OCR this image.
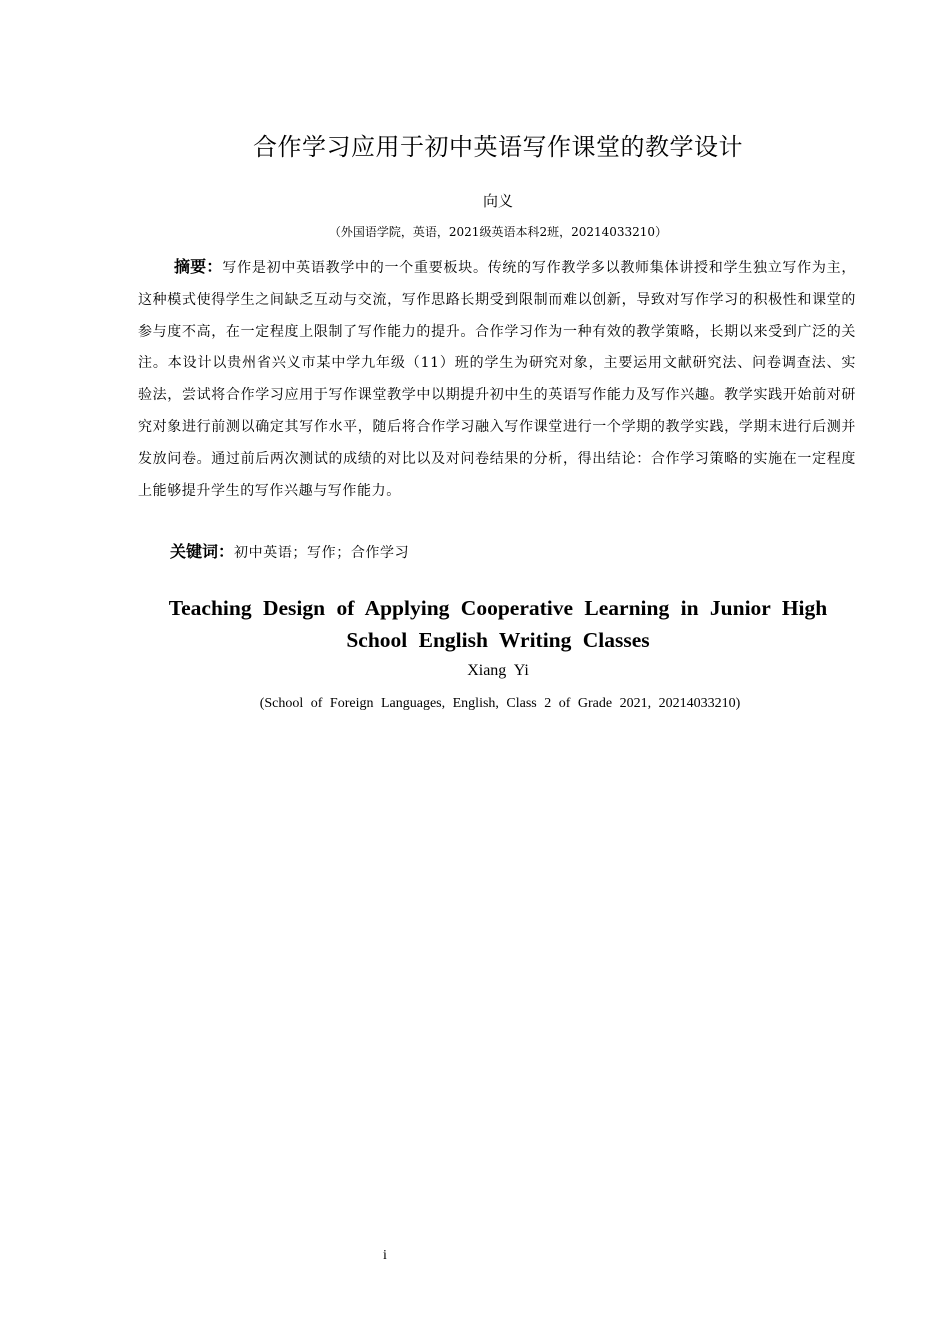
合作学习应用于初中英语写作课堂的教学设计
向义
（外国语学院，英语，2021级英语本科2班，20214033210）

摘要：写作是初中英语教学中的一个重要板块。传统的写作教学多以教师集体讲授和学生独立写作为主，这种模式使得学生之间缺乏互动与交流，写作思路长期受到限制而难以创新，导致对写作学习的积极性和课堂的参与度不高，在一定程度上限制了写作能力的提升。合作学习作为一种有效的教学策略，长期以来受到广泛的关注。本设计以贵州省兴义市某中学九年级（11）班的学生为研究对象，主要运用文献研究法、问卷调查法、实验法，尝试将合作学习应用于写作课堂教学中以期提升初中生的英语写作能力及写作兴趣。教学实践开始前对研究对象进行前测以确定其写作水平，随后将合作学习融入写作课堂进行一个学期的教学实践，学期末进行后测并发放问卷。通过前后两次测试的成绩的对比以及对问卷结果的分析，得出结论：合作学习策略的实施在一定程度上能够提升学生的写作兴趣与写作能力。

关键词：初中英语；写作；合作学习
Teaching Design of Applying Cooperative Learning in Junior High School English Writing Classes
Xiang Yi
(School of Foreign Languages, English, Class 2 of Grade 2021, 20214033210)
i
